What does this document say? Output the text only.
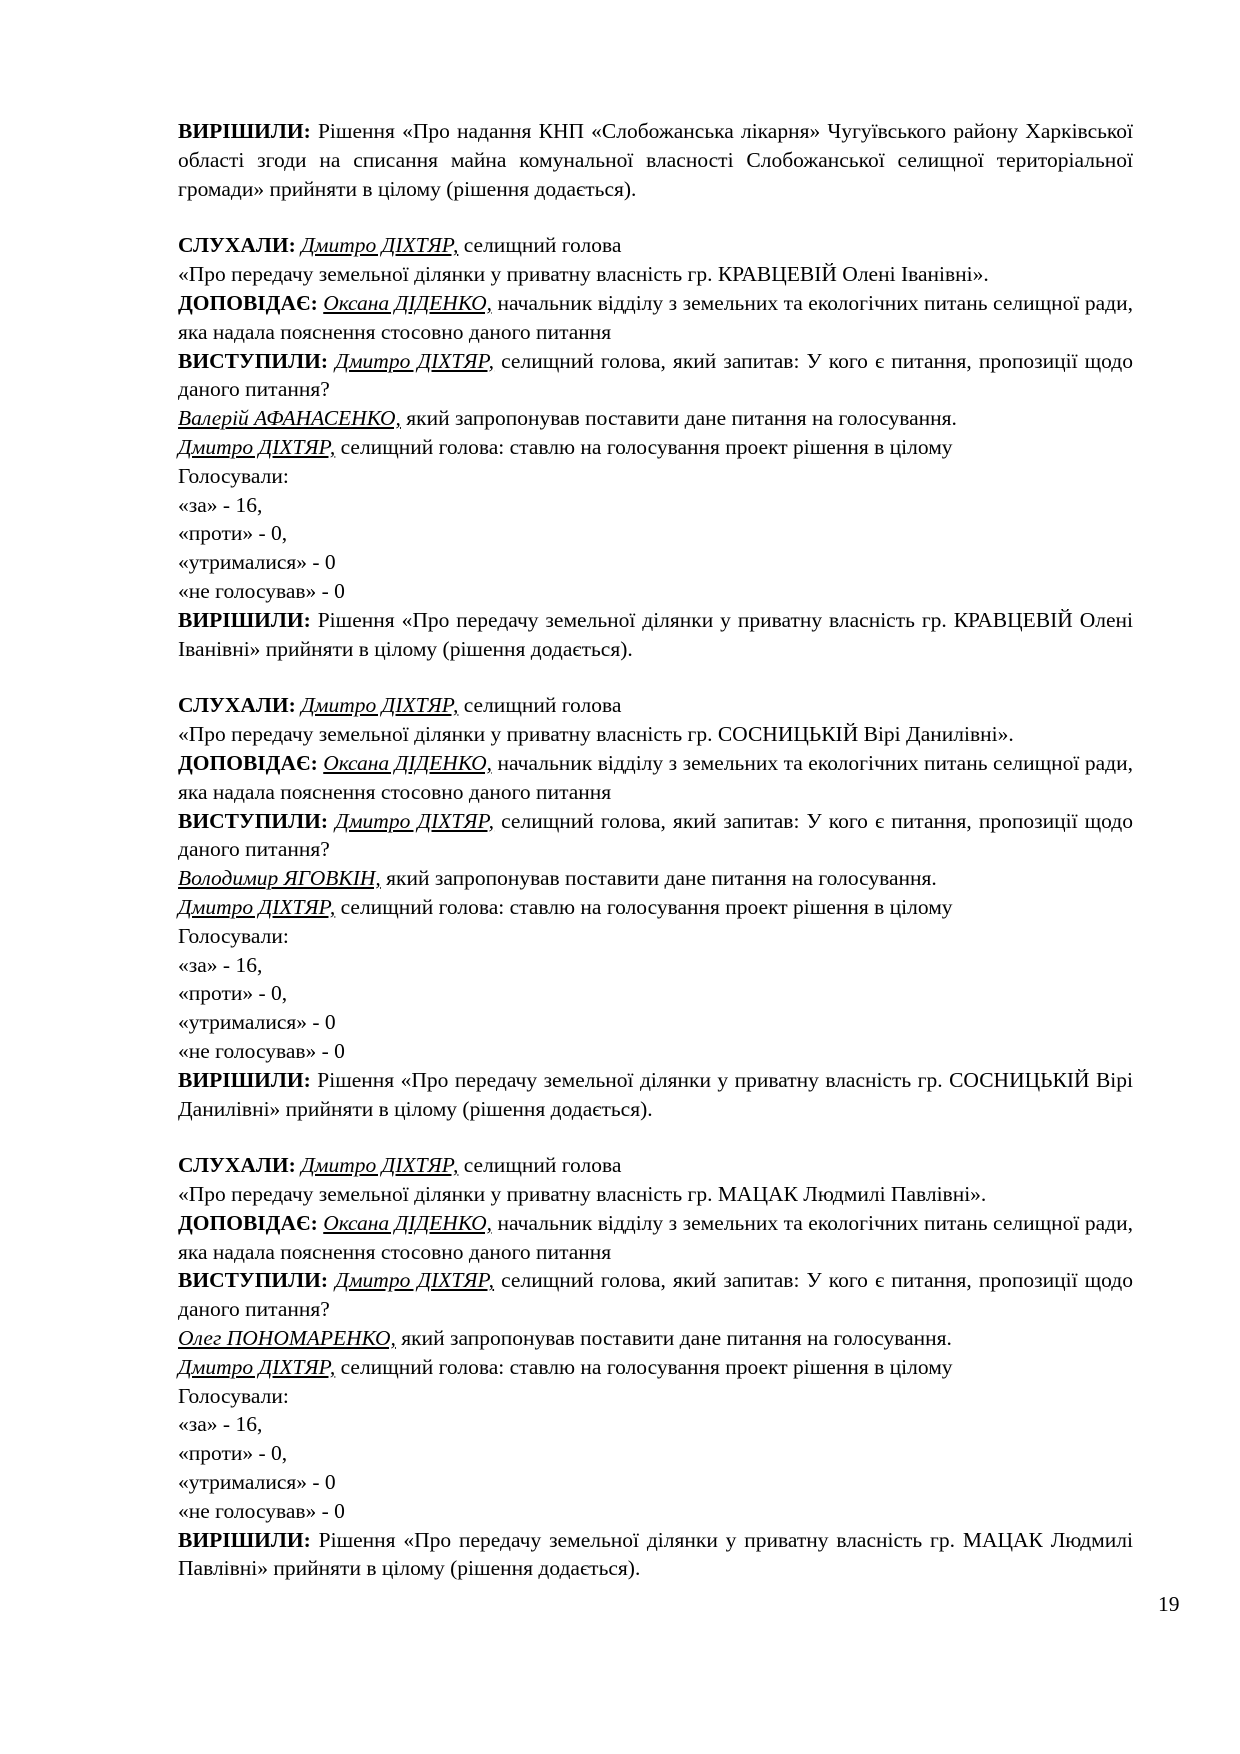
ВИРІШИЛИ: Рішення «Про надання КНП «Слобожанська лікарня» Чугуївського району Харківської області згоди на списання майна комунальної власності Слобожанської селищної територіальної громади» прийняти в цілому (рішення додається).

СЛУХАЛИ: Дмитро ДІХТЯР, селищний голова

«Про передачу земельної ділянки у приватну власність гр. КРАВЦЕВІЙ Олені Іванівні».

ДОПОВІДАЄ: Оксана ДІДЕНКО, начальник відділу з земельних та екологічних питань селищної ради, яка надала пояснення стосовно даного питання

ВИСТУПИЛИ: Дмитро ДІХТЯР, селищний голова, який запитав: У кого є питання, пропозиції щодо даного питання?

Валерій АФАНАСЕНКО, який запропонував поставити дане питання на голосування.

Дмитро ДІХТЯР, селищний голова: ставлю на голосування проект рішення в цілому

Голосували:

«за» - 16,

«проти» - 0,

«утрималися» - 0

«не голосував» - 0

ВИРІШИЛИ: Рішення «Про передачу земельної ділянки у приватну власність гр. КРАВЦЕВІЙ Олені Іванівні» прийняти в цілому (рішення додається).

СЛУХАЛИ: Дмитро ДІХТЯР, селищний голова

«Про передачу земельної ділянки у приватну власність гр. СОСНИЦЬКІЙ Вірі Данилівні».

ДОПОВІДАЄ: Оксана ДІДЕНКО, начальник відділу з земельних та екологічних питань селищної ради, яка надала пояснення стосовно даного питання

ВИСТУПИЛИ: Дмитро ДІХТЯР, селищний голова, який запитав: У кого є питання, пропозиції щодо даного питання?

Володимир ЯГОВКІН, який запропонував поставити дане питання на голосування.

Дмитро ДІХТЯР, селищний голова: ставлю на голосування проект рішення в цілому

Голосували:

«за» - 16,

«проти» - 0,

«утрималися» - 0

«не голосував» - 0

ВИРІШИЛИ: Рішення «Про передачу земельної ділянки у приватну власність гр. СОСНИЦЬКІЙ Вірі Данилівні» прийняти в цілому (рішення додається).

СЛУХАЛИ: Дмитро ДІХТЯР, селищний голова

«Про передачу земельної ділянки у приватну власність гр. МАЦАК Людмилі Павлівні».

ДОПОВІДАЄ: Оксана ДІДЕНКО, начальник відділу з земельних та екологічних питань селищної ради, яка надала пояснення стосовно даного питання

ВИСТУПИЛИ: Дмитро ДІХТЯР, селищний голова, який запитав: У кого є питання, пропозиції щодо даного питання?

Олег ПОНОМАРЕНКО, який запропонував поставити дане питання на голосування.

Дмитро ДІХТЯР, селищний голова: ставлю на голосування проект рішення в цілому

Голосували:

«за» - 16,

«проти» - 0,

«утрималися» - 0

«не голосував» - 0

ВИРІШИЛИ: Рішення «Про передачу земельної ділянки у приватну власність гр. МАЦАК Людмилі Павлівні» прийняти в цілому (рішення додається).

19
